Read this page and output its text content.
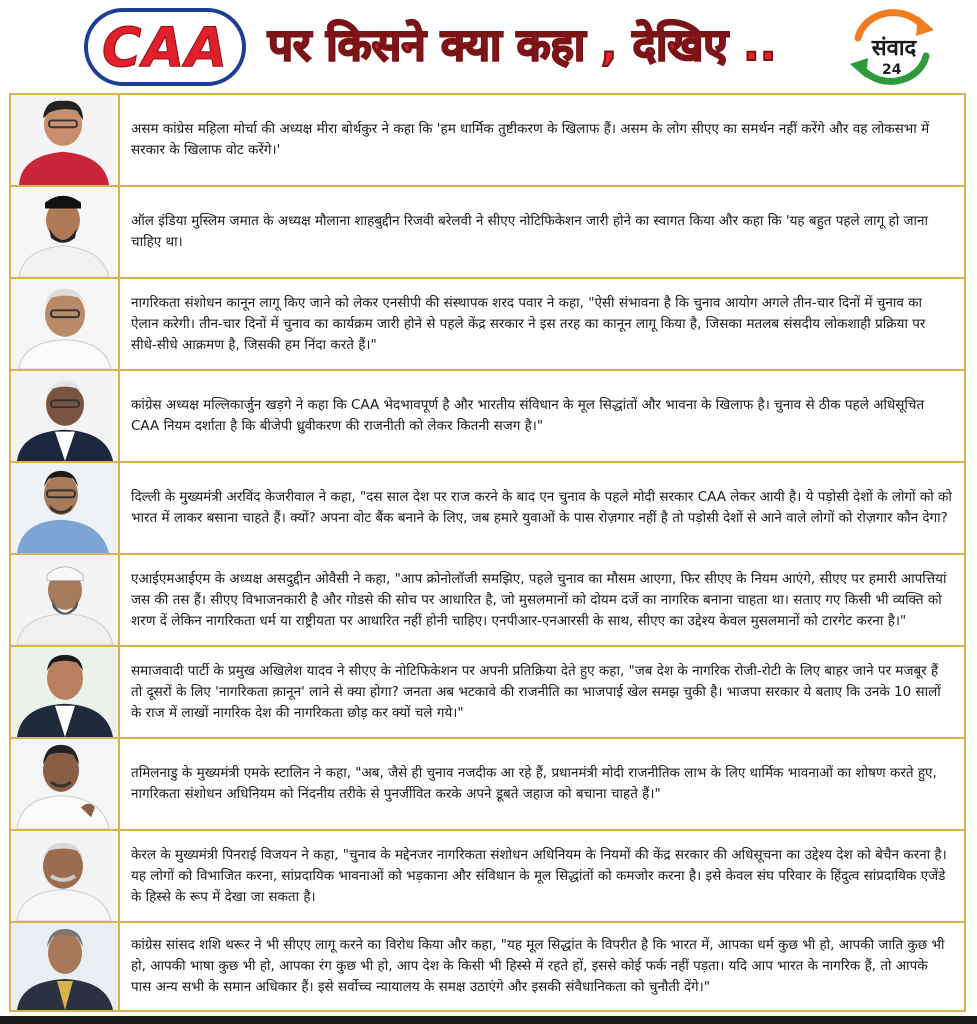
CAA पर किसने क्या कहा , देखिए ..	संवाद
24
असम कांग्रेस महिला मोर्चा की अध्यक्ष मीरा बोर्थकुर ने कहा कि 'हम धार्मिक तुष्टीकरण के खिलाफ हैं। असम के लोग सीएए का समर्थन नहीं करेंगे और वह लोकसभा में सरकार के खिलाफ वोट करेंगे।'
ऑल इंडिया मुस्लिम जमात के अध्यक्ष मौलाना शाहबुद्दीन रिजवी बरेलवी ने सीएए नोटिफिकेशन जारी होने का स्वागत किया और कहा कि 'यह बहुत पहले लागू हो जाना चाहिए था।
नागरिकता संशोधन कानून लागू किए जाने को लेकर एनसीपी की संस्थापक शरद पवार ने कहा, "ऐसी संभावना है कि चुनाव आयोग अगले तीन-चार दिनों में चुनाव का ऐलान करेगी। तीन-चार दिनों में चुनाव का कार्यक्रम जारी होने से पहले केंद्र सरकार ने इस तरह का कानून लागू किया है, जिसका मतलब संसदीय लोकशाही प्रक्रिया पर सीधे-सीधे आक्रमण है, जिसकी हम निंदा करते हैं।"
कांग्रेस अध्यक्ष मल्लिकार्जुन खड़गे ने कहा कि CAA भेदभावपूर्ण है और भारतीय संविधान के मूल सिद्धांतों और भावना के खिलाफ है। चुनाव से ठीक पहले अधिसूचित CAA नियम दर्शाता है कि बीजेपी ध्रुवीकरण की राजनीती को लेकर कितनी सजग है।"
दिल्ली के मुख्यमंत्री अरविंद केजरीवाल ने कहा, "दस साल देश पर राज करने के बाद एन चुनाव के पहले मोदी सरकार CAA लेकर आयी है। ये पड़ोसी देशों के लोगों को को भारत में लाकर बसाना चाहते हैं। क्यों? अपना वोट बैंक बनाने के लिए, जब हमारे युवाओं के पास रोज़गार नहीं है तो पड़ोसी देशों से आने वाले लोगों को रोज़गार कौन देगा?
एआईएमआईएम के अध्यक्ष असदुद्दीन ओवैसी ने कहा, "आप क्रोनोलॉजी समझिए, पहले चुनाव का मौसम आएगा, फिर सीएए के नियम आएंगे, सीएए पर हमारी आपत्तियां जस की तस हैं। सीएए विभाजनकारी है और गोडसे की सोच पर आधारित है, जो मुसलमानों को दोयम दर्जे का नागरिक बनाना चाहता था। सताए गए किसी भी व्यक्ति को शरण दें लेकिन नागरिकता धर्म या राष्ट्रीयता पर आधारित नहीं होनी चाहिए। एनपीआर-एनआरसी के साथ, सीएए का उद्देश्य केवल मुसलमानों को टारगेट करना है।"
समाजवादी पार्टी के प्रमुख अखिलेश यादव ने सीएए के नोटिफिकेशन पर अपनी प्रतिक्रिया देते हुए कहा, "जब देश के नागरिक रोजी-रोटी के लिए बाहर जाने पर मजबूर हैं तो दूसरों के लिए 'नागरिकता क़ानून' लाने से क्या होगा? जनता अब भटकावे की राजनीति का भाजपाई खेल समझ चुकी है। भाजपा सरकार ये बताए कि उनके 10 सालों के राज में लाखों नागरिक देश की नागरिकता छोड़ कर क्यों चले गये।"
तमिलनाडु के मुख्यमंत्री एमके स्टालिन ने कहा, "अब, जैसे ही चुनाव नजदीक आ रहे हैं, प्रधानमंत्री मोदी राजनीतिक लाभ के लिए धार्मिक भावनाओं का शोषण करते हुए, नागरिकता संशोधन अधिनियम को निंदनीय तरीके से पुनर्जीवित करके अपने डूबते जहाज को बचाना चाहते हैं।"
केरल के मुख्यमंत्री पिनराई विजयन ने कहा, "चुनाव के मद्देनजर नागरिकता संशोधन अधिनियम के नियमों की केंद्र सरकार की अधिसूचना का उद्देश्य देश को बेचैन करना है। यह लोगों को विभाजित करना, सांप्रदायिक भावनाओं को भड़काना और संविधान के मूल सिद्धांतों को कमजोर करना है। इसे केवल संघ परिवार के हिंदुत्व सांप्रदायिक एजेंडे के हिस्से के रूप में देखा जा सकता है।
कांग्रेस सांसद शशि थरूर ने भी सीएए लागू करने का विरोध किया और कहा, "यह मूल सिद्धांत के विपरीत है कि भारत में, आपका धर्म कुछ भी हो, आपकी जाति कुछ भी हो, आपकी भाषा कुछ भी हो, आपका रंग कुछ भी हो, आप देश के किसी भी हिस्से में रहते हों, इससे कोई फर्क नहीं पड़ता। यदि आप भारत के नागरिक हैं, तो आपके पास अन्य सभी के समान अधिकार हैं। इसे सर्वोच्च न्यायालय के समक्ष उठाएंगे और इसकी संवैधानिकता को चुनौती देंगे।"
